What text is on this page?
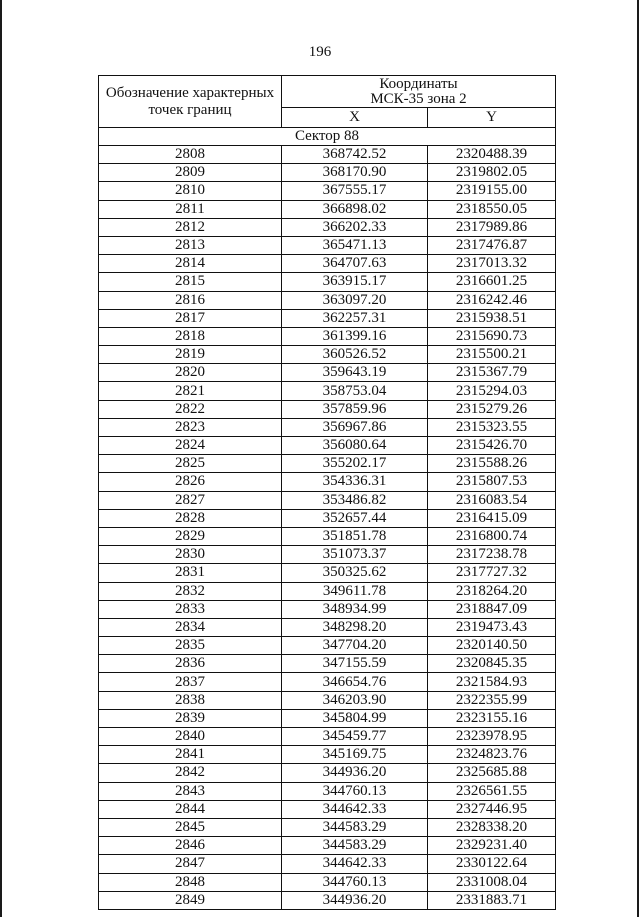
196
Обозначение характерных точек границ	Координаты
МСК-35 зона 2	
	X	Y
Сектор 88		
2808	368742.52	2320488.39
2809	368170.90	2319802.05
2810	367555.17	2319155.00
2811	366898.02	2318550.05
2812	366202.33	2317989.86
2813	365471.13	2317476.87
2814	364707.63	2317013.32
2815	363915.17	2316601.25
2816	363097.20	2316242.46
2817	362257.31	2315938.51
2818	361399.16	2315690.73
2819	360526.52	2315500.21
2820	359643.19	2315367.79
2821	358753.04	2315294.03
2822	357859.96	2315279.26
2823	356967.86	2315323.55
2824	356080.64	2315426.70
2825	355202.17	2315588.26
2826	354336.31	2315807.53
2827	353486.82	2316083.54
2828	352657.44	2316415.09
2829	351851.78	2316800.74
2830	351073.37	2317238.78
2831	350325.62	2317727.32
2832	349611.78	2318264.20
2833	348934.99	2318847.09
2834	348298.20	2319473.43
2835	347704.20	2320140.50
2836	347155.59	2320845.35
2837	346654.76	2321584.93
2838	346203.90	2322355.99
2839	345804.99	2323155.16
2840	345459.77	2323978.95
2841	345169.75	2324823.76
2842	344936.20	2325685.88
2843	344760.13	2326561.55
2844	344642.33	2327446.95
2845	344583.29	2328338.20
2846	344583.29	2329231.40
2847	344642.33	2330122.64
2848	344760.13	2331008.04
2849	344936.20	2331883.71
